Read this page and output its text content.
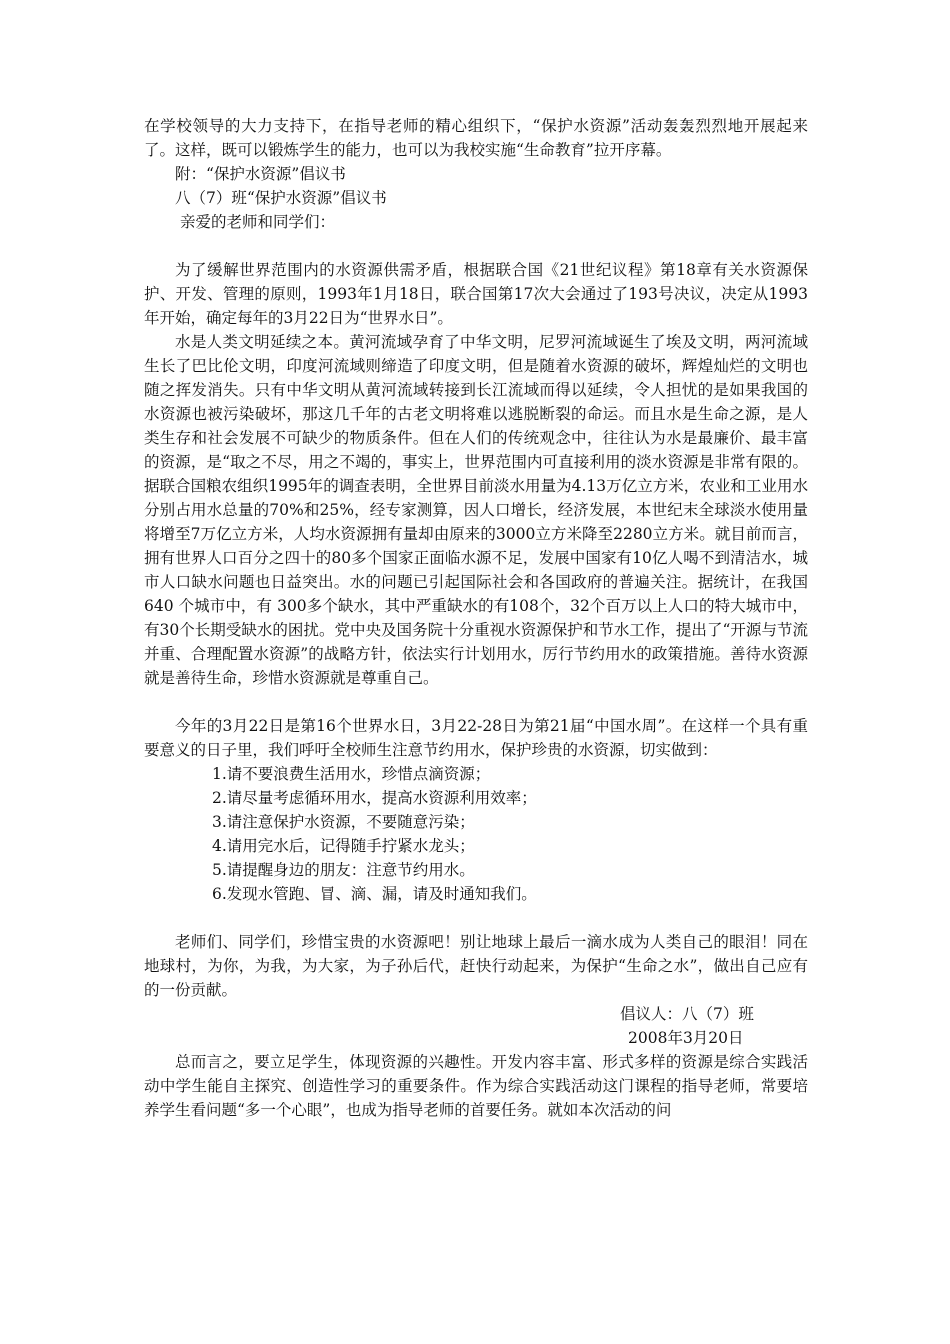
在学校领导的大力支持下，在指导老师的精心组织下，“保护水资源”活动轰轰烈烈地开展起来了。这样，既可以锻炼学生的能力，也可以为我校实施“生命教育”拉开序幕。

附：“保护水资源”倡议书

八（7）班“保护水资源”倡议书

亲爱的老师和同学们：

为了缓解世界范围内的水资源供需矛盾，根据联合国《21世纪议程》第18章有关水资源保护、开发、管理的原则，1993年1月18日，联合国第17次大会通过了193号决议，决定从1993年开始，确定每年的3月22日为“世界水日”。

水是人类文明延续之本。黄河流域孕育了中华文明，尼罗河流域诞生了埃及文明，两河流域生长了巴比伦文明，印度河流域则缔造了印度文明，但是随着水资源的破坏，辉煌灿烂的文明也随之挥发消失。只有中华文明从黄河流域转接到长江流域而得以延续，令人担忧的是如果我国的水资源也被污染破坏，那这几千年的古老文明将难以逃脱断裂的命运。而且水是生命之源，是人类生存和社会发展不可缺少的物质条件。但在人们的传统观念中，往往认为水是最廉价、最丰富的资源，是“取之不尽，用之不竭的，事实上，世界范围内可直接利用的淡水资源是非常有限的。据联合国粮农组织1995年的调查表明，全世界目前淡水用量为4.13万亿立方米，农业和工业用水分别占用水总量的70%和25%，经专家测算，因人口增长，经济发展，本世纪末全球淡水使用量将增至7万亿立方米，人均水资源拥有量却由原来的3000立方米降至2280立方米。就目前而言，拥有世界人口百分之四十的80多个国家正面临水源不足，发展中国家有10亿人喝不到清洁水，城市人口缺水问题也日益突出。水的问题已引起国际社会和各国政府的普遍关注。据统计，在我国 640 个城市中，有 300多个缺水，其中严重缺水的有108个，32个百万以上人口的特大城市中，有30个长期受缺水的困扰。党中央及国务院十分重视水资源保护和节水工作，提出了“开源与节流并重、合理配置水资源”的战略方针，依法实行计划用水，厉行节约用水的政策措施。善待水资源就是善待生命，珍惜水资源就是尊重自己。

今年的3月22日是第16个世界水日，3月22-28日为第21届“中国水周”。在这样一个具有重要意义的日子里，我们呼吁全校师生注意节约用水，保护珍贵的水资源，切实做到：

1.请不要浪费生活用水，珍惜点滴资源；

2.请尽量考虑循环用水，提高水资源利用效率；

3.请注意保护水资源，不要随意污染；

4.请用完水后，记得随手拧紧水龙头；

5.请提醒身边的朋友：注意节约用水。

6.发现水管跑、冒、滴、漏，请及时通知我们。

老师们、同学们，珍惜宝贵的水资源吧！别让地球上最后一滴水成为人类自己的眼泪！同在地球村，为你，为我，为大家，为子孙后代，赶快行动起来，为保护“生命之水”，做出自己应有的一份贡献。

倡议人：八（7）班

2008年3月20日

总而言之，要立足学生，体现资源的兴趣性。开发内容丰富、形式多样的资源是综合实践活动中学生能自主探究、创造性学习的重要条件。作为综合实践活动这门课程的指导老师，常要培养学生看问题“多一个心眼”，也成为指导老师的首要任务。就如本次活动的问
